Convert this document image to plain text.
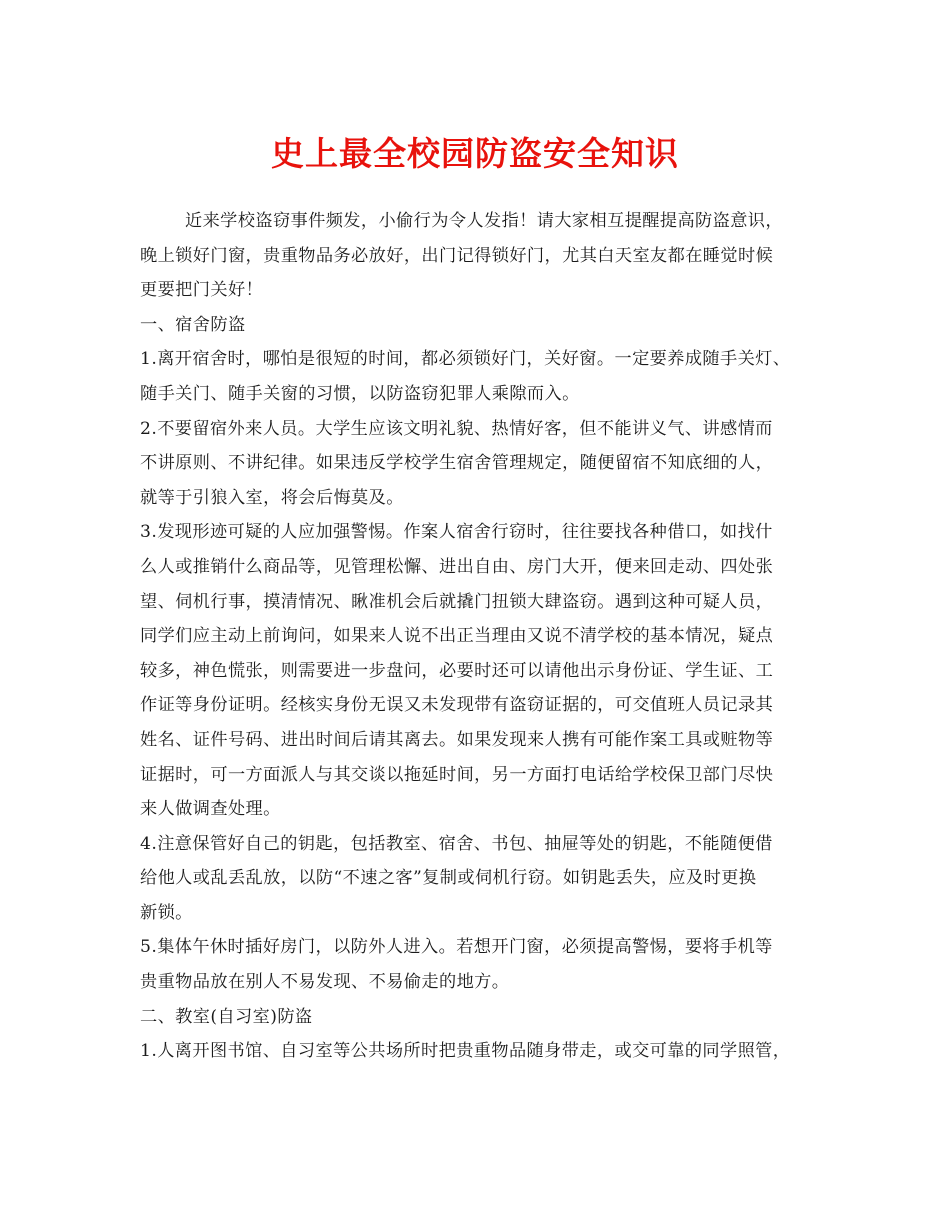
史上最全校园防盗安全知识

近来学校盗窃事件频发，小偷行为令人发指！请大家相互提醒提高防盗意识，

晚上锁好门窗，贵重物品务必放好，出门记得锁好门，尤其白天室友都在睡觉时候

更要把门关好！

一、宿舍防盗

1.离开宿舍时，哪怕是很短的时间，都必须锁好门，关好窗。一定要养成随手关灯、

随手关门、随手关窗的习惯，以防盗窃犯罪人乘隙而入。

2.不要留宿外来人员。大学生应该文明礼貌、热情好客，但不能讲义气、讲感情而

不讲原则、不讲纪律。如果违反学校学生宿舍管理规定，随便留宿不知底细的人，

就等于引狼入室，将会后悔莫及。

3.发现形迹可疑的人应加强警惕。作案人宿舍行窃时，往往要找各种借口，如找什

么人或推销什么商品等，见管理松懈、进出自由、房门大开，便来回走动、四处张

望、伺机行事，摸清情况、瞅准机会后就撬门扭锁大肆盗窃。遇到这种可疑人员，

同学们应主动上前询问，如果来人说不出正当理由又说不清学校的基本情况，疑点

较多，神色慌张，则需要进一步盘问，必要时还可以请他出示身份证、学生证、工

作证等身份证明。经核实身份无误又未发现带有盗窃证据的，可交值班人员记录其

姓名、证件号码、进出时间后请其离去。如果发现来人携有可能作案工具或赃物等

证据时，可一方面派人与其交谈以拖延时间，另一方面打电话给学校保卫部门尽快

来人做调查处理。

4.注意保管好自己的钥匙，包括教室、宿舍、书包、抽屉等处的钥匙，不能随便借

给他人或乱丢乱放，以防“不速之客”复制或伺机行窃。如钥匙丢失，应及时更换

新锁。

5.集体午休时插好房门，以防外人进入。若想开门窗，必须提高警惕，要将手机等

贵重物品放在别人不易发现、不易偷走的地方。

二、教室(自习室)防盗

1.人离开图书馆、自习室等公共场所时把贵重物品随身带走，或交可靠的同学照管，
